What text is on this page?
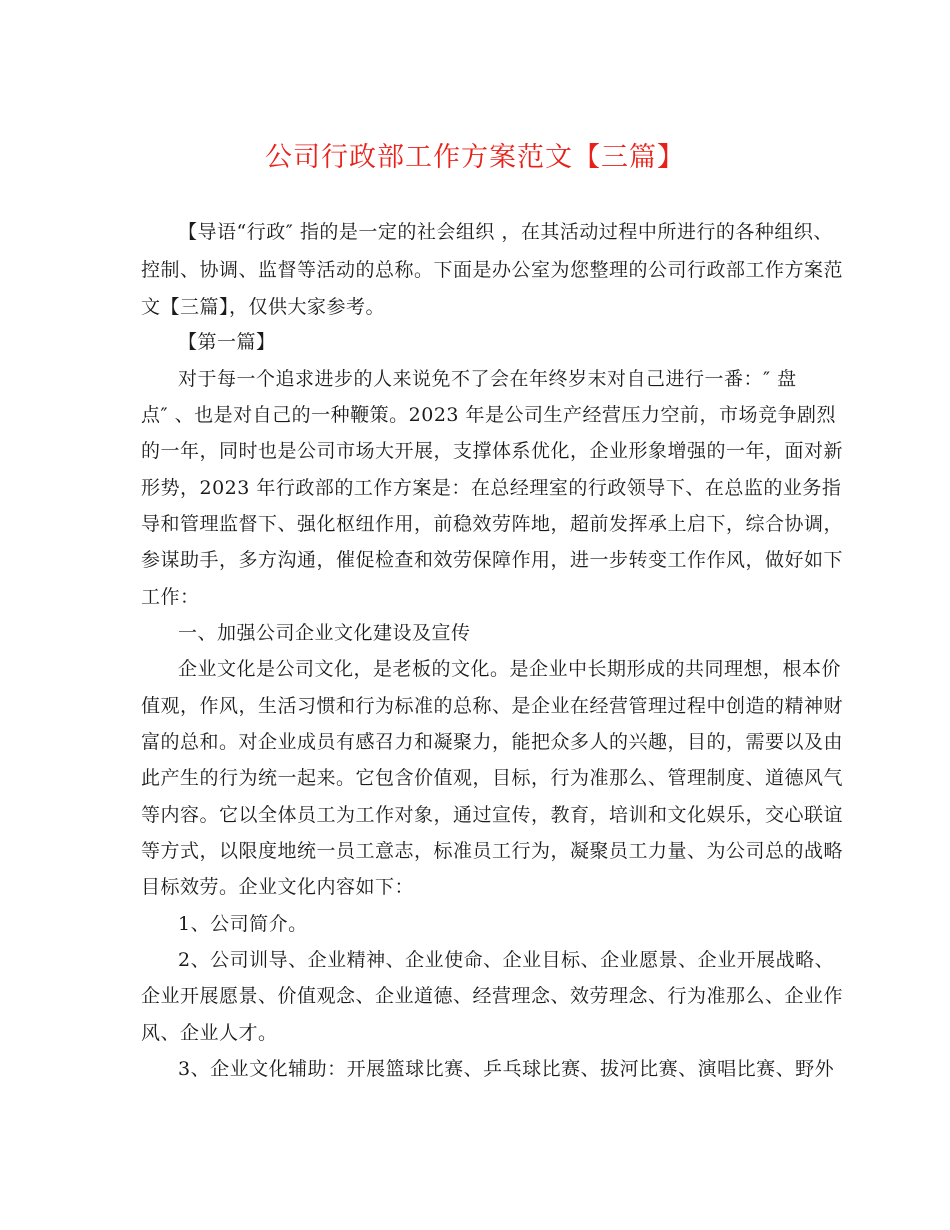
公司行政部工作方案范文【三篇】
【导语“行政″ 指的是一定的社会组织 ，在其活动过程中所进行的各种组织、
控制、协调、监督等活动的总称。下面是办公室为您整理的公司行政部工作方案范
文【三篇】，仅供大家参考。
【第一篇】
对于每一个追求进步的人来说免不了会在年终岁末对自己进行一番：″ 盘
点″ 、也是对自己的一种鞭策。2023 年是公司生产经营压力空前，市场竞争剧烈
的一年，同时也是公司市场大开展，支撑体系优化，企业形象增强的一年，面对新
形势，2023 年行政部的工作方案是：在总经理室的行政领导下、在总监的业务指
导和管理监督下、强化枢纽作用，前稳效劳阵地，超前发挥承上启下，综合协调，
参谋助手，多方沟通，催促检查和效劳保障作用，进一步转变工作作风，做好如下
工作：
一、加强公司企业文化建设及宣传
企业文化是公司文化，是老板的文化。是企业中长期形成的共同理想，根本价
值观，作风，生活习惯和行为标准的总称、是企业在经营管理过程中创造的精神财
富的总和。对企业成员有感召力和凝聚力，能把众多人的兴趣，目的，需要以及由
此产生的行为统一起来。它包含价值观，目标，行为准那么、管理制度、道德风气
等内容。它以全体员工为工作对象，通过宣传，教育，培训和文化娱乐，交心联谊
等方式，以限度地统一员工意志，标准员工行为，凝聚员工力量、为公司总的战略
目标效劳。企业文化内容如下：
1、公司简介。
2、公司训导、企业精神、企业使命、企业目标、企业愿景、企业开展战略、
企业开展愿景、价值观念、企业道德、经营理念、效劳理念、行为准那么、企业作
风、企业人才。
3、企业文化辅助：开展篮球比赛、乒乓球比赛、拔河比赛、演唱比赛、野外
